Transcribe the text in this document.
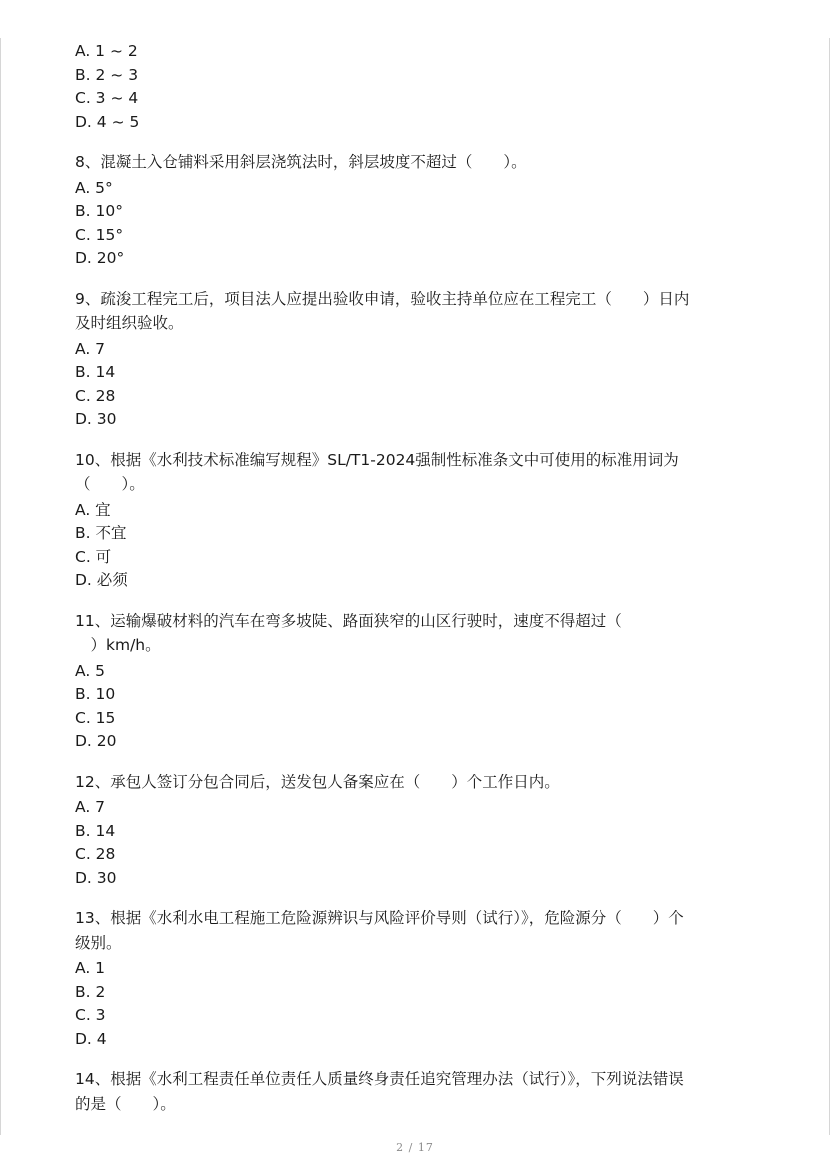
A. 1 ~ 2
B. 2 ~ 3
C. 3 ~ 4
D. 4 ~ 5
8、混凝土入仓铺料采用斜层浇筑法时，斜层坡度不超过（　　）。
A. 5°
B. 10°
C. 15°
D. 20°
9、疏浚工程完工后，项目法人应提出验收申请，验收主持单位应在工程完工（　　）日内
及时组织验收。
A. 7
B. 14
C. 28
D. 30
10、根据《水利技术标准编写规程》SL/T1-2024强制性标准条文中可使用的标准用词为
（　　）。
A. 宜
B. 不宜
C. 可
D. 必须
11、运输爆破材料的汽车在弯多坡陡、路面狭窄的山区行驶时，速度不得超过（
　）km/h。
A. 5
B. 10
C. 15
D. 20
12、承包人签订分包合同后，送发包人备案应在（　　）个工作日内。
A. 7
B. 14
C. 28
D. 30
13、根据《水利水电工程施工危险源辨识与风险评价导则（试行）》，危险源分（　　）个
级别。
A. 1
B. 2
C. 3
D. 4
14、根据《水利工程责任单位责任人质量终身责任追究管理办法（试行）》，下列说法错误
的是（　　）。
2 / 17
